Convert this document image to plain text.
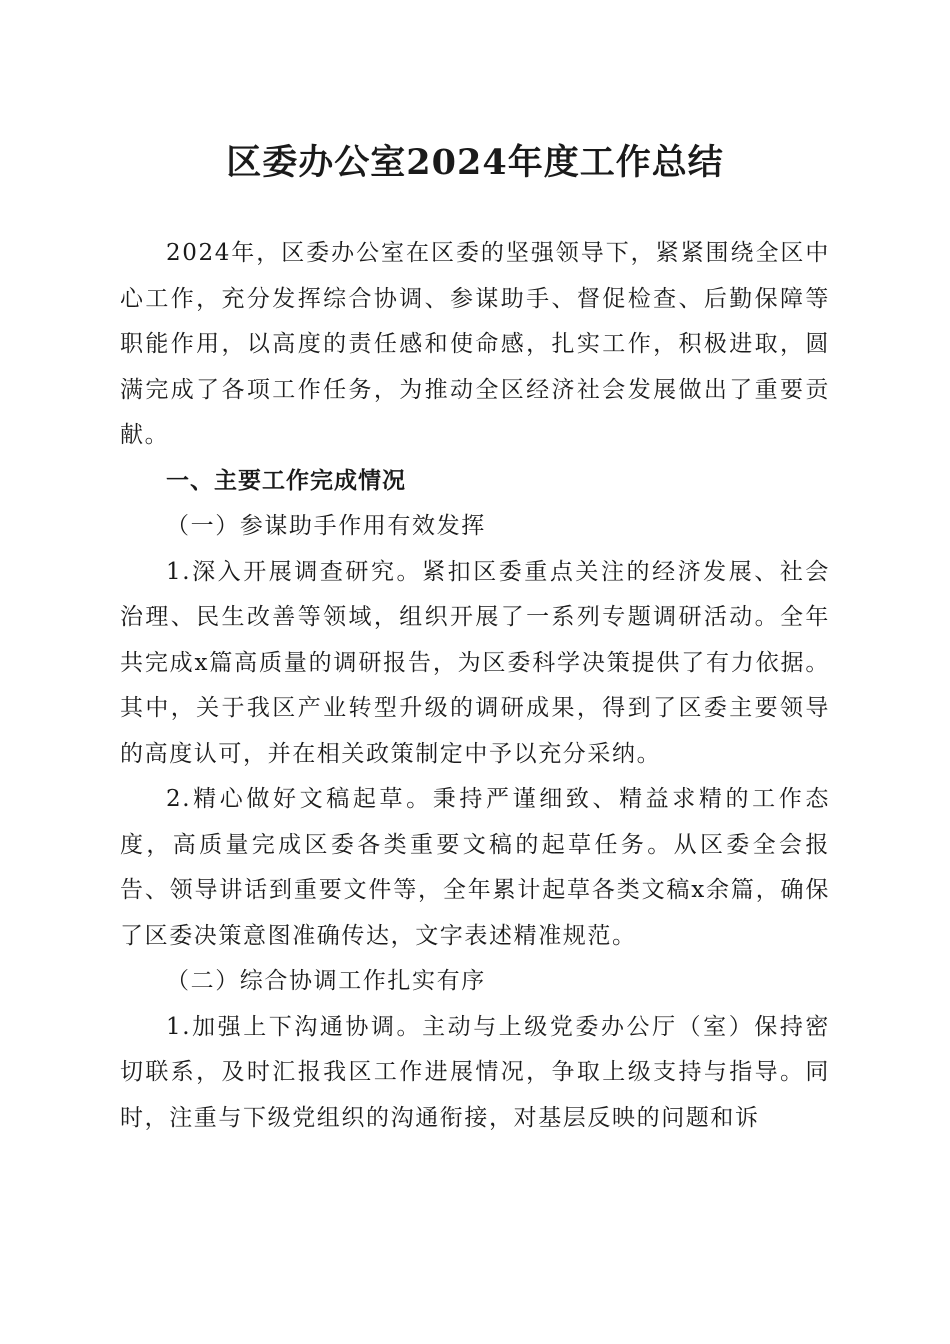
区委办公室2024年度工作总结

2024年，区委办公室在区委的坚强领导下，紧紧围绕全区中心工作，充分发挥综合协调、参谋助手、督促检查、后勤保障等职能作用，以高度的责任感和使命感，扎实工作，积极进取，圆满完成了各项工作任务，为推动全区经济社会发展做出了重要贡献。

一、主要工作完成情况

（一）参谋助手作用有效发挥

1.深入开展调查研究。紧扣区委重点关注的经济发展、社会治理、民生改善等领域，组织开展了一系列专题调研活动。全年共完成x篇高质量的调研报告，为区委科学决策提供了有力依据。其中，关于我区产业转型升级的调研成果，得到了区委主要领导的高度认可，并在相关政策制定中予以充分采纳。

2.精心做好文稿起草。秉持严谨细致、精益求精的工作态度，高质量完成区委各类重要文稿的起草任务。从区委全会报告、领导讲话到重要文件等，全年累计起草各类文稿x余篇，确保了区委决策意图准确传达，文字表述精准规范。

（二）综合协调工作扎实有序

1.加强上下沟通协调。主动与上级党委办公厅（室）保持密切联系，及时汇报我区工作进展情况，争取上级支持与指导。同时，注重与下级党组织的沟通衔接，对基层反映的问题和诉
